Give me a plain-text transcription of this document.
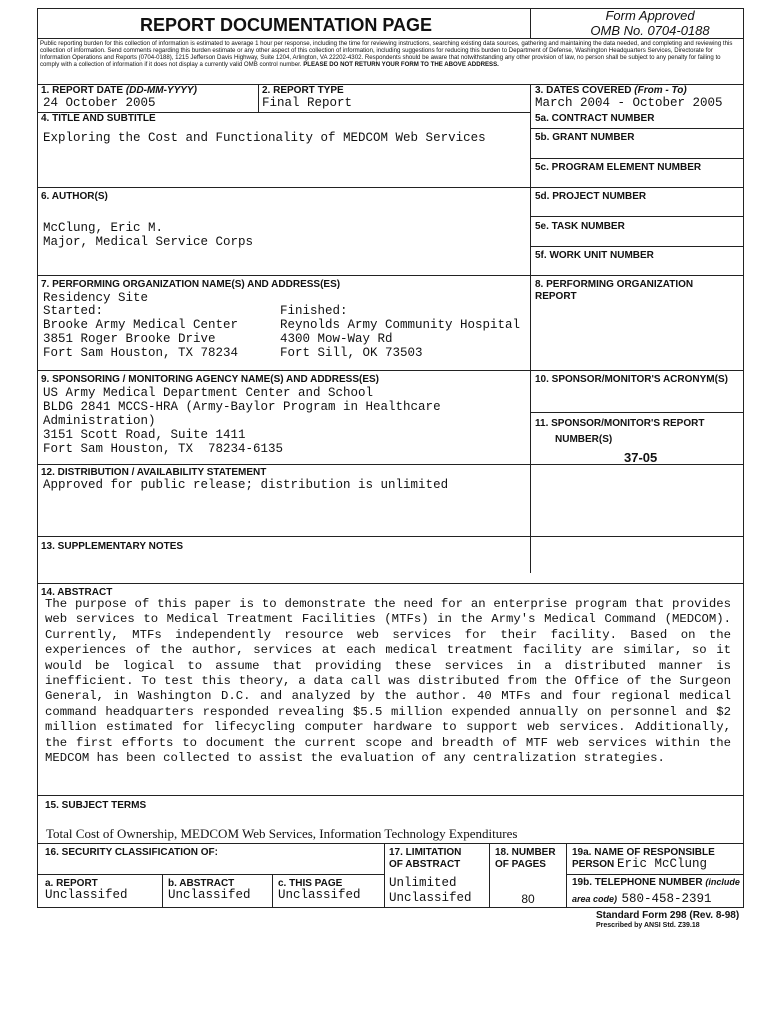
REPORT DOCUMENTATION PAGE	Form Approved
OMB No. 0704-0188
Public reporting burden for this collection of information is estimated to average 1 hour per response, including the time for reviewing instructions, searching existing data sources, gathering and maintaining the data needed, and completing and reviewing this collection of information. Send comments regarding this burden estimate or any other aspect of this collection of information, including suggestions for reducing this burden to Department of Defense, Washington Headquarters Services, Directorate for Information Operations and Reports (0704-0188), 1215 Jefferson Davis Highway, Suite 1204, Arlington, VA 22202-4302. Respondents should be aware that notwithstanding any other provision of law, no person shall be subject to any penalty for failing to comply with a collection of information if it does not display a currently valid OMB control number. PLEASE DO NOT RETURN YOUR FORM TO THE ABOVE ADDRESS.
1. REPORT DATE (DD-MM-YYYY)
24 October 2005
2. REPORT TYPE
Final Report
3. DATES COVERED (From - To)
March 2004 - October 2005
4. TITLE AND SUBTITLE
Exploring the Cost and Functionality of MEDCOM Web Services
5a. CONTRACT NUMBER
5b. GRANT NUMBER
5c. PROGRAM ELEMENT NUMBER
6. AUTHOR(S)
McClung, Eric M.
Major, Medical Service Corps
5d. PROJECT NUMBER
5e. TASK NUMBER
5f. WORK UNIT NUMBER
7. PERFORMING ORGANIZATION NAME(S) AND ADDRESS(ES)
Residency Site
Started:
Brooke Army Medical Center
3851 Roger Brooke Drive
Fort Sam Houston, TX 78234
Finished:
Reynolds Army Community Hospital
4300 Mow-Way Rd
Fort Sill, OK 73503
8. PERFORMING ORGANIZATION
REPORT
9. SPONSORING / MONITORING AGENCY NAME(S) AND ADDRESS(ES)
US Army Medical Department Center and School
BLDG 2841 MCCS-HRA (Army-Baylor Program in Healthcare
Administration)
3151 Scott Road, Suite 1411
Fort Sam Houston, TX  78234-6135
10. SPONSOR/MONITOR'S ACRONYM(S)
11. SPONSOR/MONITOR'S REPORT
NUMBER(S)
37-05
12. DISTRIBUTION / AVAILABILITY STATEMENT
Approved for public release; distribution is unlimited
13. SUPPLEMENTARY NOTES
14. ABSTRACT
The purpose of this paper is to demonstrate the need for an enterprise program that provides web services to Medical Treatment Facilities (MTFs) in the Army's Medical Command (MEDCOM). Currently, MTFs independently resource web services for their facility. Based on the experiences of the author, services at each medical treatment facility are similar, so it would be logical to assume that providing these services in a distributed manner is inefficient. To test this theory, a data call was distributed from the Office of the Surgeon General, in Washington D.C. and analyzed by the author. 40 MTFs and four regional medical command headquarters responded revealing $5.5 million expended annually on personnel and $2 million estimated for lifecycling computer hardware to support web services. Additionally, the first efforts to document the current scope and breadth of MTF web services within the MEDCOM has been collected to assist the evaluation of any centralization strategies.
15. SUBJECT TERMS
Total Cost of Ownership, MEDCOM Web Services, Information Technology Expenditures
16. SECURITY CLASSIFICATION OF:	17. LIMITATION
OF ABSTRACT
Unlimited
Unclassifed
18. NUMBER
OF PAGES
80
19a. NAME OF RESPONSIBLE
PERSON Eric McClung
19b. TELEPHONE NUMBER (include
area code) 580-458-2391
a. REPORT
Unclassifed
b. ABSTRACT
Unclassifed
c. THIS PAGE
Unclassifed
Standard Form 298 (Rev. 8-98)
Prescribed by ANSI Std. Z39.18
